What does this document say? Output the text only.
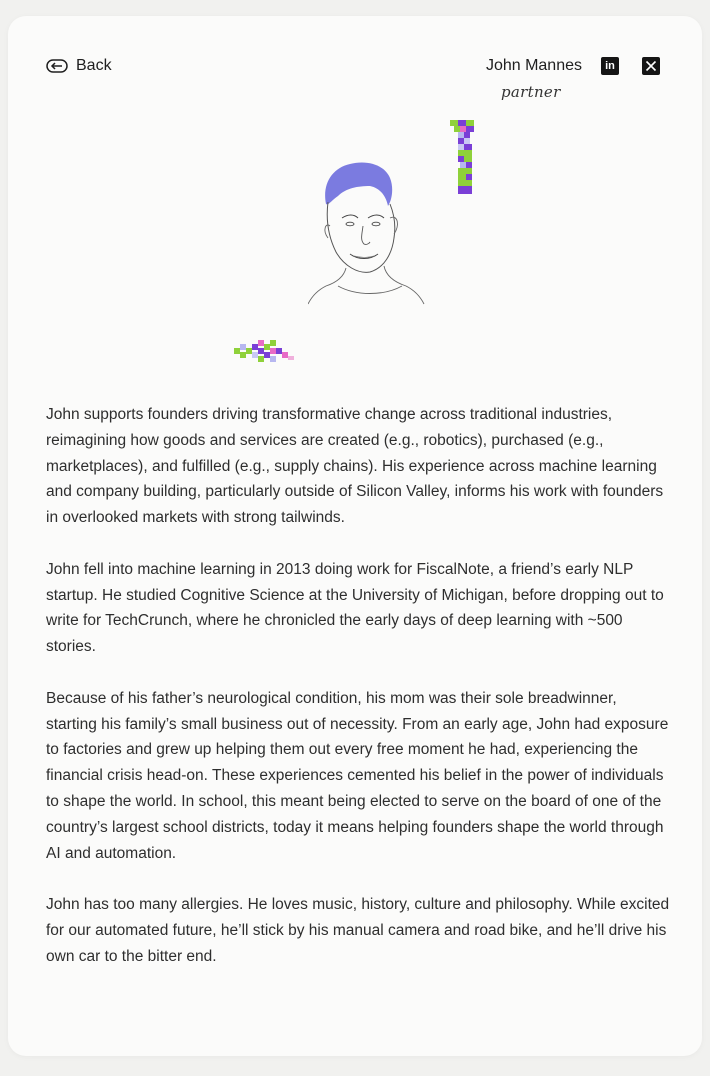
Back	John Mannes
partner
in

John supports founders driving transformative change across traditional industries, reimagining how goods and services are created (e.g., robotics), purchased (e.g., marketplaces), and fulfilled (e.g., supply chains). His experience across machine learning and company building, particularly outside of Silicon Valley, informs his work with founders in overlooked markets with strong tailwinds.

John fell into machine learning in 2013 doing work for FiscalNote, a friend’s early NLP startup. He studied Cognitive Science at the University of Michigan, before dropping out to write for TechCrunch, where he chronicled the early days of deep learning with ~500 stories.

Because of his father’s neurological condition, his mom was their sole breadwinner, starting his family’s small business out of necessity. From an early age, John had exposure to factories and grew up helping them out every free moment he had, experiencing the financial crisis head-on. These experiences cemented his belief in the power of individuals to shape the world. In school, this meant being elected to serve on the board of one of the country’s largest school districts, today it means helping founders shape the world through AI and automation.

John has too many allergies. He loves music, history, culture and philosophy. While excited for our automated future, he’ll stick by his manual camera and road bike, and he’ll drive his own car to the bitter end.
